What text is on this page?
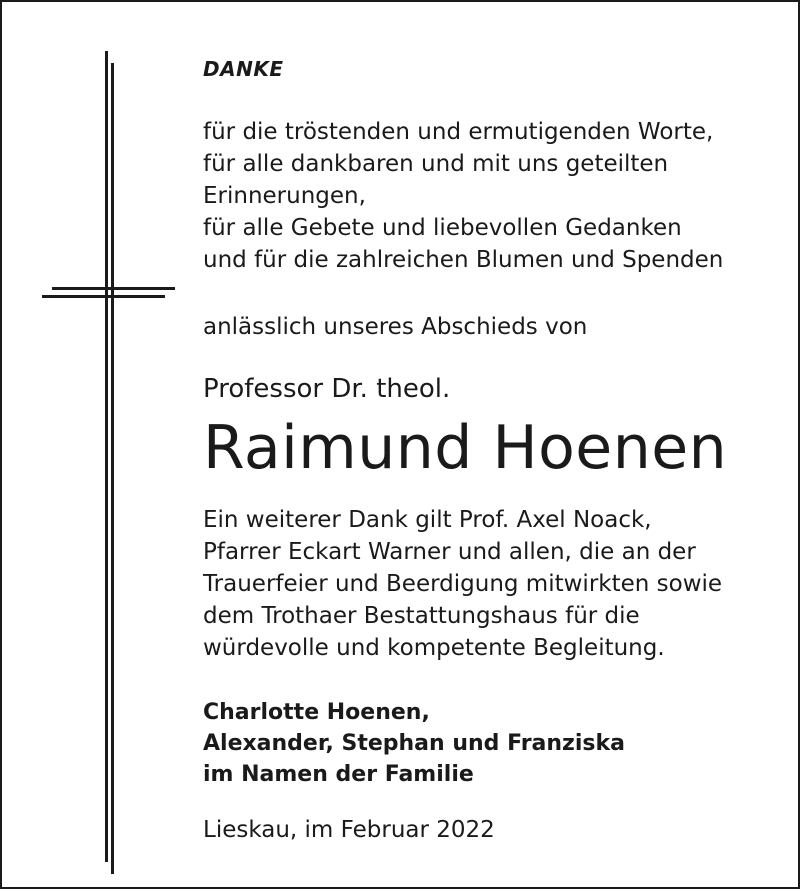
DANKE
für die tröstenden und ermutigenden Worte,
für alle dankbaren und mit uns geteilten
Erinnerungen,
für alle Gebete und liebevollen Gedanken
und für die zahlreichen Blumen und Spenden
anlässlich unseres Abschieds von
Professor Dr. theol.
Raimund Hoenen
Ein weiterer Dank gilt Prof. Axel Noack,
Pfarrer Eckart Warner und allen, die an der
Trauerfeier und Beerdigung mitwirkten sowie
dem Trothaer Bestattungshaus für die
würdevolle und kompetente Begleitung.
Charlotte Hoenen,
Alexander, Stephan und Franziska
im Namen der Familie
Lieskau, im Februar 2022
